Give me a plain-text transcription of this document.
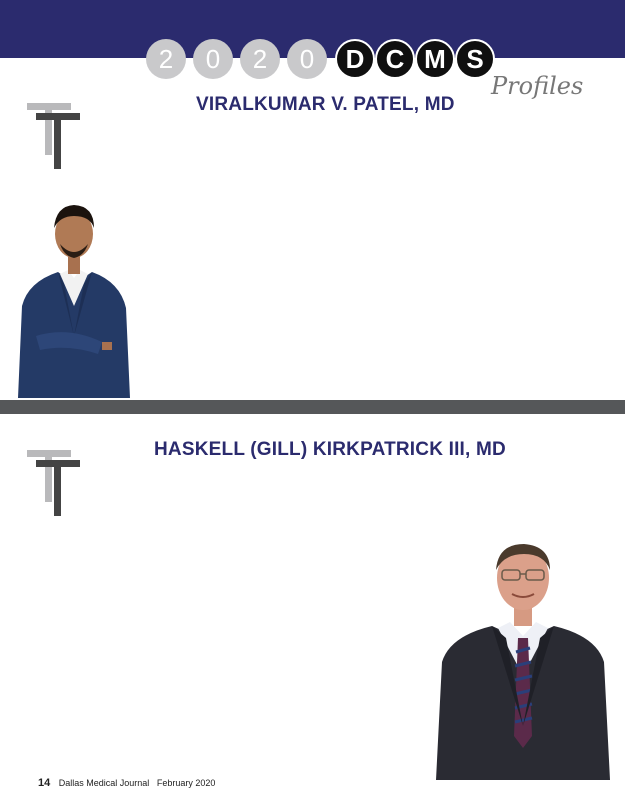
2	0	2	0	D C M S
Profiles
VIRALKUMAR V. PATEL, MD
HASKELL (GILL) KIRKPATRICK III, MD
14 Dallas Medical Journal February 2020
